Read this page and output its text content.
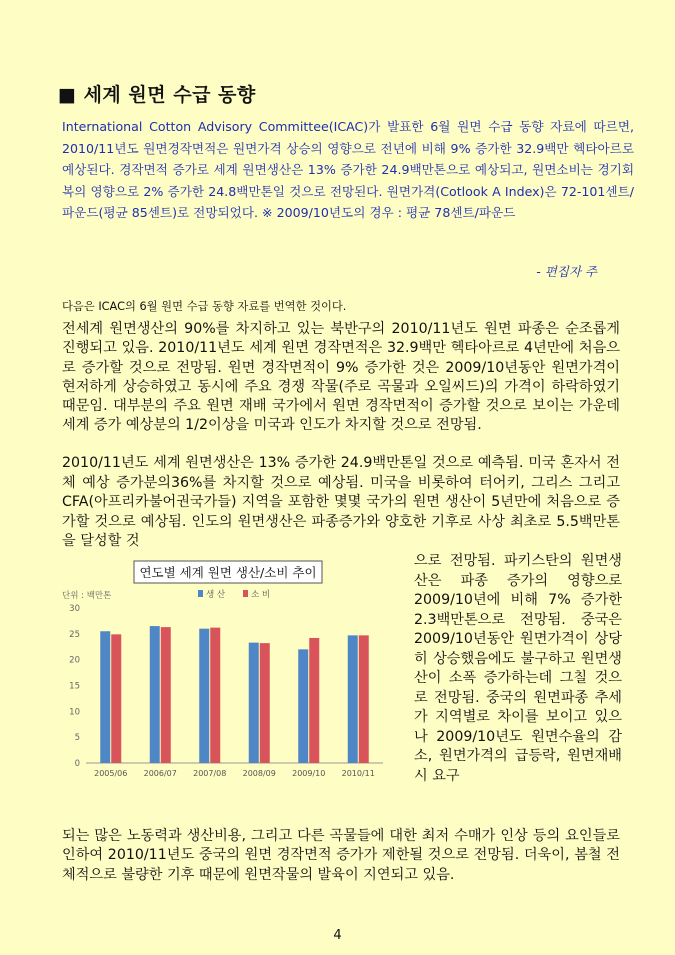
■ 세계 원면 수급 동향
International Cotton Advisory Committee(ICAC)가 발표한 6월 원면 수급 동향 자료에 따르면, 2010/11년도 원면경작면적은 원면가격 상승의 영향으로 전년에 비해 9% 증가한 32.9백만 헥타아르로 예상된다. 경작면적 증가로 세계 원면생산은 13% 증가한 24.9백만톤으로 예상되고, 원면소비는 경기회복의 영향으로 2% 증가한 24.8백만톤일 것으로 전망된다. 원면가격(Cotlook A Index)은 72-101센트/파운드(평균 85센트)로 전망되었다. ※ 2009/10년도의 경우 : 평균 78센트/파운드
- 편집자 주
다음은 ICAC의 6월 원면 수급 동향 자료를 번역한 것이다.
전세계 원면생산의 90%를 차지하고 있는 북반구의 2010/11년도 원면 파종은 순조롭게 진행되고 있음. 2010/11년도 세계 원면 경작면적은 32.9백만 헥타아르로 4년만에 처음으로 증가할 것으로 전망됨. 원면 경작면적이 9% 증가한 것은 2009/10년동안 원면가격이 현저하게 상승하였고 동시에 주요 경쟁 작물(주로 곡물과 오일씨드)의 가격이 하락하였기 때문임. 대부분의 주요 원면 재배 국가에서 원면 경작면적이 증가할 것으로 보이는 가운데 세계 증가 예상분의 1/2이상을 미국과 인도가 차지할 것으로 전망됨.
2010/11년도 세계 원면생산은 13% 증가한 24.9백만톤일 것으로 예측됨. 미국 혼자서 전체 예상 증가분의36%를 차지할 것으로 예상됨. 미국을 비롯하여 터어키, 그리스 그리고 CFA(아프리카불어권국가들) 지역을 포함한 몇몇 국가의 원면 생산이 5년만에 처음으로 증가할 것으로 예상됨. 인도의 원면생산은 파종증가와 양호한 기후로 사상 최초로 5.5백만톤을 달성할 것
연도별 세계 원면 생산/소비 추이
단위 : 백만톤	생 산	소 비
0
5
10
15
20
25
30
2005/06 2006/07 2007/08 2008/09 2009/10 2010/11
으로 전망됨. 파키스탄의 원면생산은 파종 증가의 영향으로 2009/10년에 비해 7% 증가한 2.3백만톤으로 전망됨. 중국은 2009/10년동안 원면가격이 상당히 상승했음에도 불구하고 원면생산이 소폭 증가하는데 그칠 것으로 전망됨. 중국의 원면파종 추세가 지역별로 차이를 보이고 있으나 2009/10년도 원면수율의 감소, 원면가격의 급등락, 원면재배시 요구
되는 많은 노동력과 생산비용, 그리고 다른 곡물들에 대한 최저 수매가 인상 등의 요인들로 인하여 2010/11년도 중국의 원면 경작면적 증가가 제한될 것으로 전망됨. 더욱이, 봄철 전체적으로 불량한 기후 때문에 원면작물의 발육이 지연되고 있음.
4
